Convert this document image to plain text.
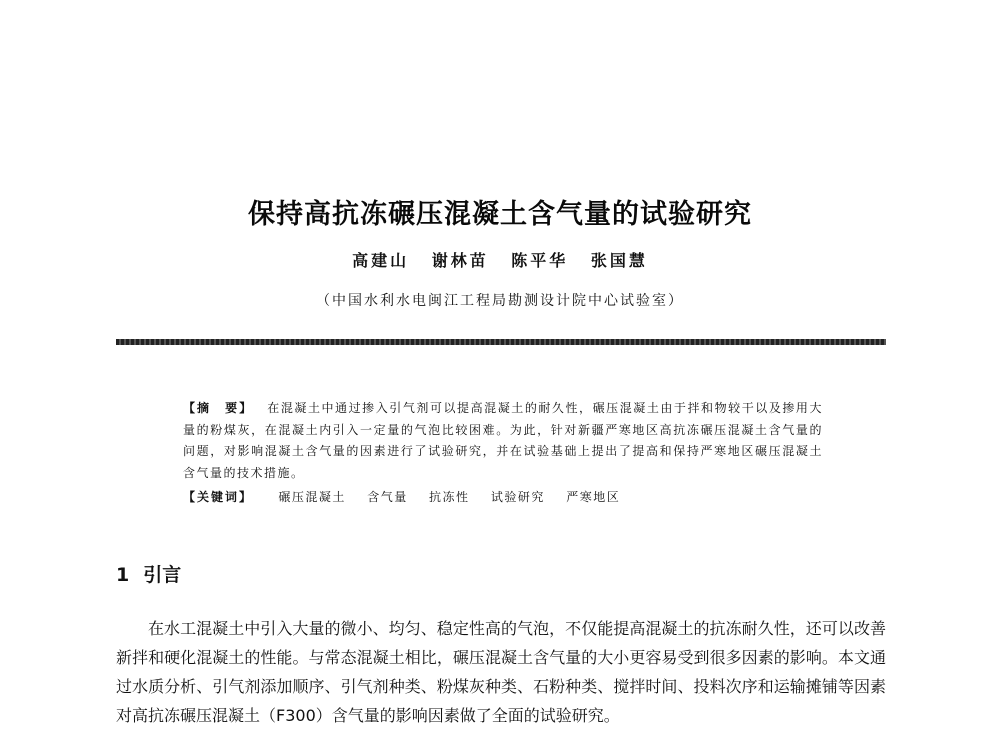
保持高抗冻碾压混凝土含气量的试验研究
高建山 谢林苗 陈平华 张国慧
（中国水利水电闽江工程局勘测设计院中心试验室）
【摘　要】 在混凝土中通过掺入引气剂可以提高混凝土的耐久性，碾压混凝土由于拌和物较干以及掺用大量的粉煤灰，在混凝土内引入一定量的气泡比较困难。为此，针对新疆严寒地区高抗冻碾压混凝土含气量的问题，对影响混凝土含气量的因素进行了试验研究，并在试验基础上提出了提高和保持严寒地区碾压混凝土含气量的技术措施。
【关键词】 碾压混凝土 含气量 抗冻性 试验研究 严寒地区
1 引言

在水工混凝土中引入大量的微小、均匀、稳定性高的气泡，不仅能提高混凝土的抗冻耐久性，还可以改善新拌和硬化混凝土的性能。与常态混凝土相比，碾压混凝土含气量的大小更容易受到很多因素的影响。本文通过水质分析、引气剂添加顺序、引气剂种类、粉煤灰种类、石粉种类、搅拌时间、投料次序和运输摊铺等因素对高抗冻碾压混凝土（F300）含气量的影响因素做了全面的试验研究。
